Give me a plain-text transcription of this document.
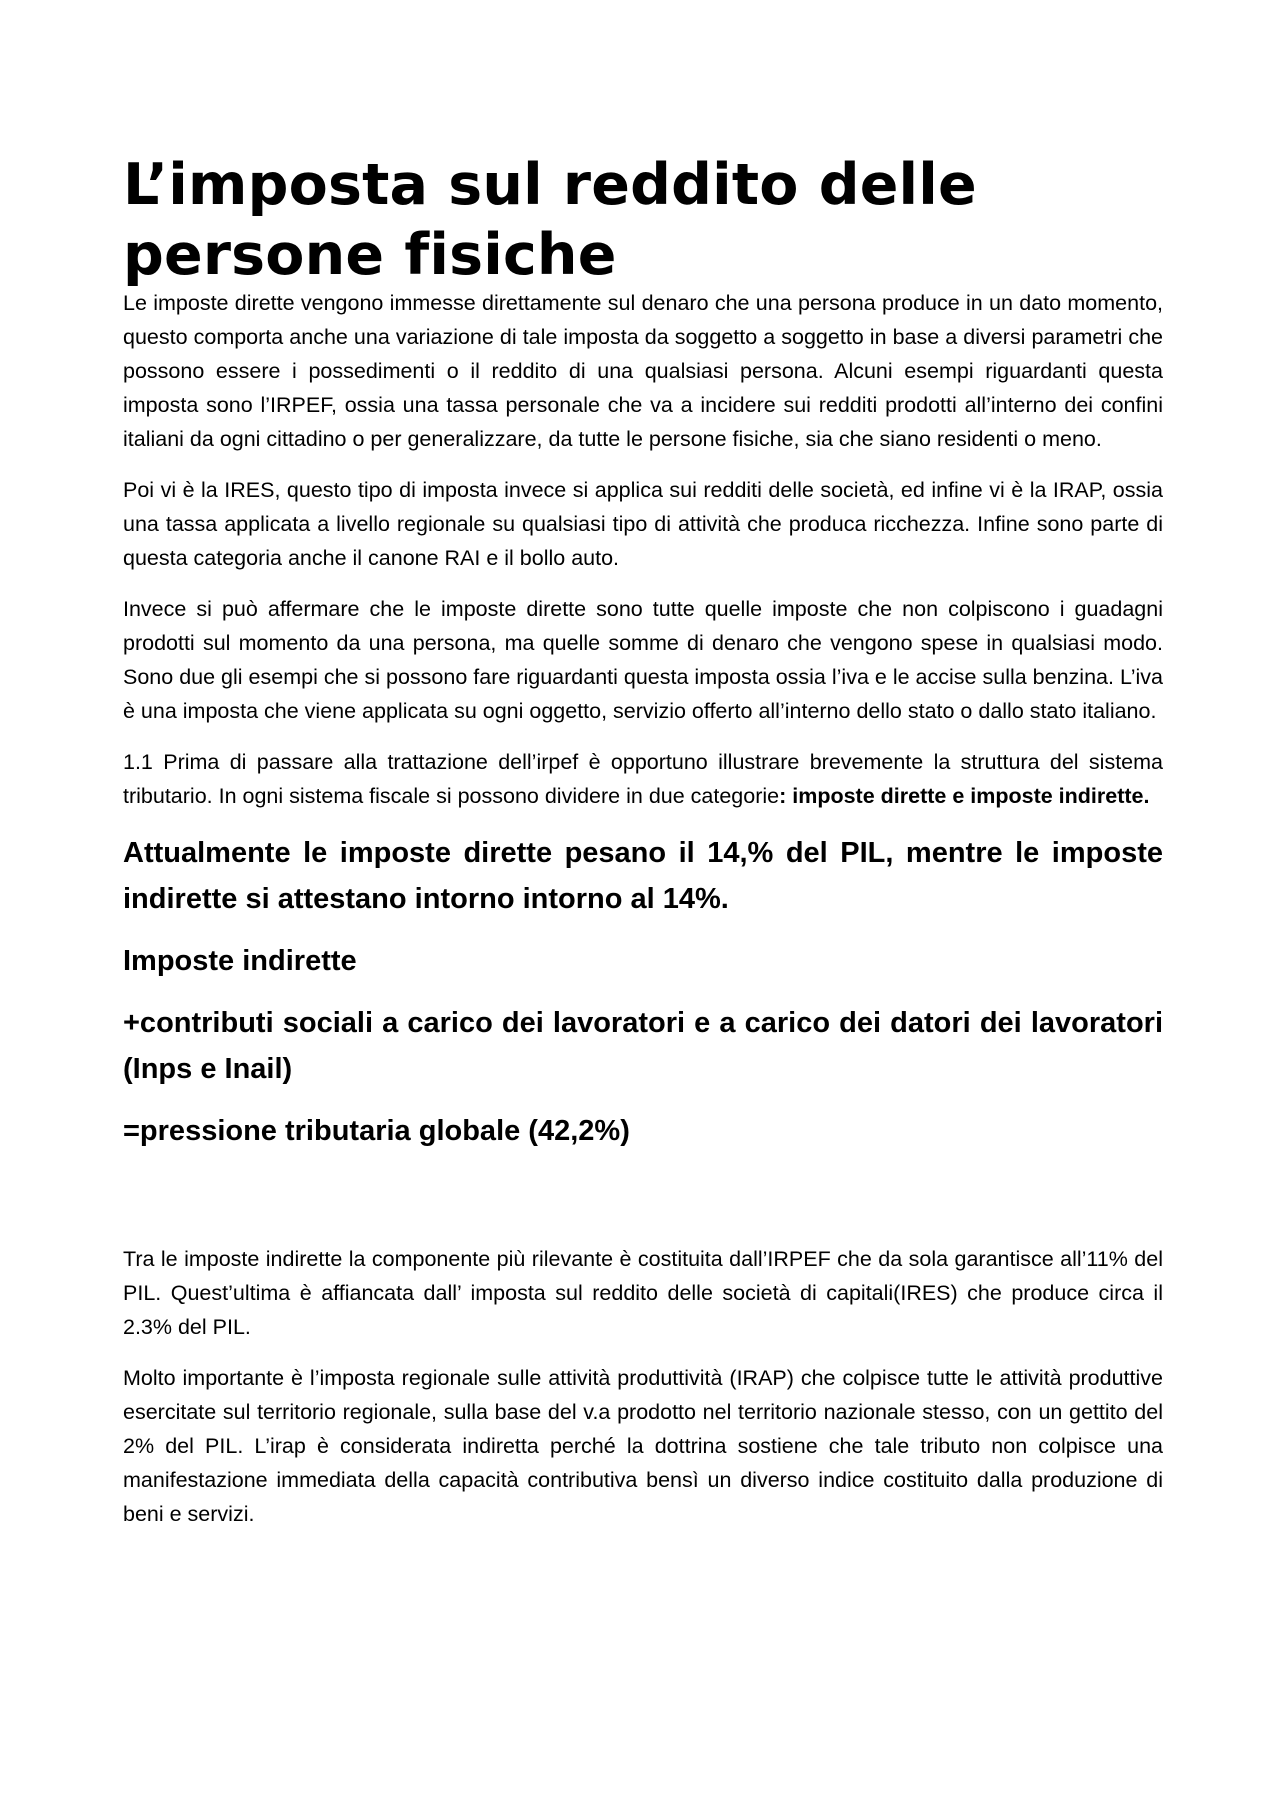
L’imposta sul reddito delle persone fisiche

Le imposte dirette vengono immesse direttamente sul denaro che una persona produce in un dato momento, questo comporta anche una variazione di tale imposta da soggetto a soggetto in base a diversi parametri che possono essere i possedimenti o il reddito di una qualsiasi persona. Alcuni esempi riguardanti questa imposta sono l’IRPEF, ossia una tassa personale che va a incidere sui redditi prodotti all’interno dei confini italiani da ogni cittadino o per generalizzare, da tutte le persone fisiche, sia che siano residenti o meno.

Poi vi è la IRES, questo tipo di imposta invece si applica sui redditi delle società, ed infine vi è la IRAP, ossia una tassa applicata a livello regionale su qualsiasi tipo di attività che produca ricchezza. Infine sono parte di questa categoria anche il canone RAI e il bollo auto.

Invece si può affermare che le imposte dirette sono tutte quelle imposte che non colpiscono i guadagni prodotti sul momento da una persona, ma quelle somme di denaro che vengono spese in qualsiasi modo. Sono due gli esempi che si possono fare riguardanti questa imposta ossia l’iva e le accise sulla benzina. L’iva è una imposta che viene applicata su ogni oggetto, servizio offerto all’interno dello stato o dallo stato italiano.

1.1 Prima di passare alla trattazione dell’irpef è opportuno illustrare brevemente la struttura del sistema tributario. In ogni sistema fiscale si possono dividere in due categorie: imposte dirette e imposte indirette.

Attualmente le imposte dirette pesano il 14,% del PIL, mentre le imposte indirette si attestano intorno intorno al 14%.

Imposte indirette

+contributi sociali a carico dei lavoratori e a carico dei datori dei lavoratori (Inps e Inail)

=pressione tributaria globale (42,2%)

Tra le imposte indirette la componente più rilevante è costituita dall’IRPEF che da sola garantisce all’11% del PIL. Quest’ultima è affiancata dall’ imposta sul reddito delle società di capitali(IRES) che produce circa il 2.3% del PIL.

Molto importante è l’imposta regionale sulle attività produttività (IRAP) che colpisce tutte le attività produttive esercitate sul territorio regionale, sulla base del v.a prodotto nel territorio nazionale stesso, con un gettito del 2% del PIL. L’irap è considerata indiretta perché la dottrina sostiene che tale tributo non colpisce una manifestazione immediata della capacità contributiva bensì un diverso indice costituito dalla produzione di beni e servizi.
